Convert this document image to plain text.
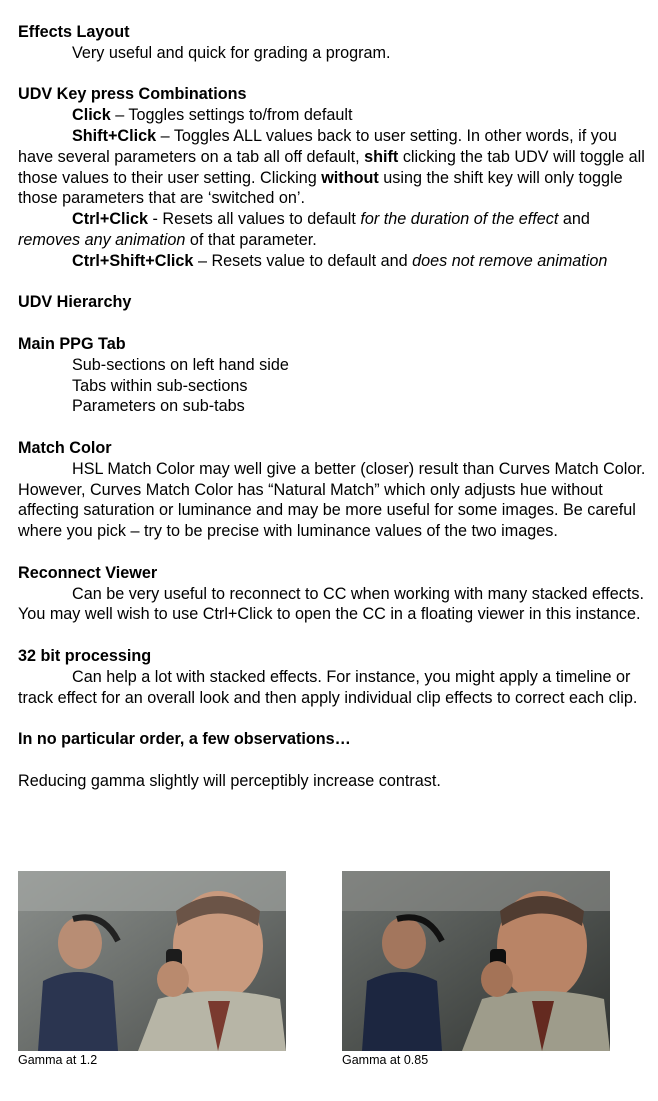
Effects Layout

Very useful and quick for grading a program.

UDV Key press Combinations

Click – Toggles settings to/from default

Shift+Click – Toggles ALL values back to user setting. In other words, if you have several parameters on a tab all off default, shift clicking the tab UDV will toggle all those values to their user setting. Clicking without using the shift key will only toggle those parameters that are ‘switched on’.

Ctrl+Click - Resets all values to default for the duration of the effect and removes any animation of that parameter.

Ctrl+Shift+Click – Resets value to default and does not remove animation

UDV Hierarchy

Main PPG Tab

Sub-sections on left hand side

Tabs within sub-sections

Parameters on sub-tabs

Match Color

HSL Match Color may well give a better (closer) result than Curves Match Color. However, Curves Match Color has “Natural Match” which only adjusts hue without affecting saturation or luminance and may be more useful for some images. Be careful where you pick – try to be precise with luminance values of the two images.

Reconnect Viewer

Can be very useful to reconnect to CC when working with many stacked effects. You may well wish to use Ctrl+Click to open the CC in a floating viewer in this instance.

32 bit processing

Can help a lot with stacked effects. For instance, you might apply a timeline or track effect for an overall look and then apply individual clip effects to correct each clip.

In no particular order, a few observations…

Reducing gamma slightly will perceptibly increase contrast.

Gamma at 1.2	Gamma at 0.85
